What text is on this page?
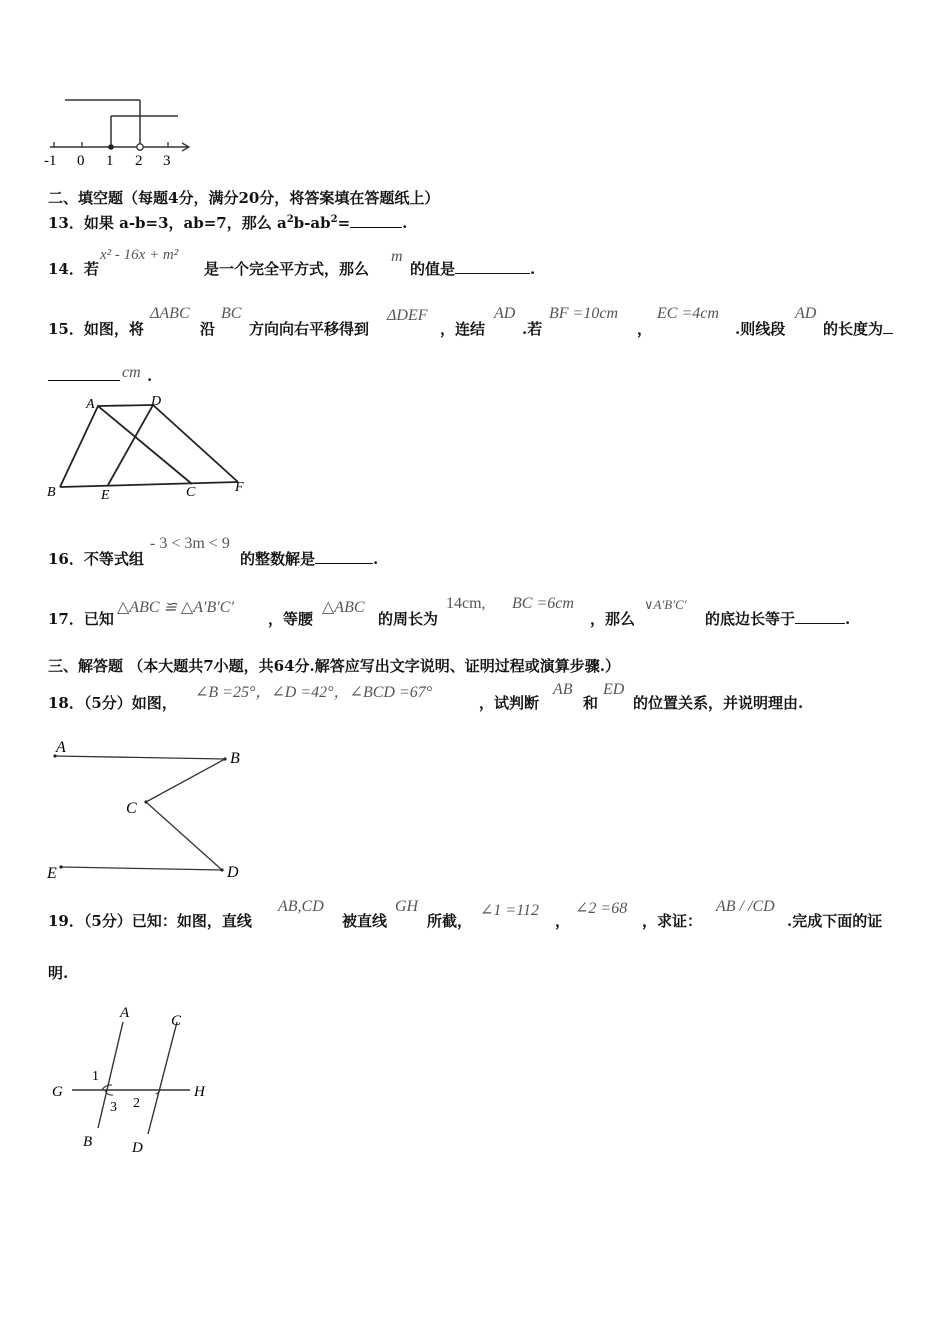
-1 0 1 2 3
二、填空题（每题4分，满分20分，将答案填在答题纸上）
13．如果 a-b=3，ab=7，那么 $a^2b-ab^2=$	.
14．若
x² - 16x + m²
是一个完全平方式，那么
m
的值是	.
15．如图，将
ΔABC
沿
BC
方向向右平移得到
ΔDEF
，连结
AD
.若
BF =10cm
，
EC =4cm
.则线段
AD
的长度为
cm .
A	D
B	E	C	F
16．不等式组
- 3 < 3m < 9
的整数解是	.
17．已知
△ABC ≌ △A′B′C′
，等腰
△ABC
的周长为
14cm, BC =6cm
，那么
∨A′B′C′
的底边长等于	.
三、解答题 （本大题共7小题，共64分.解答应写出文字说明、证明过程或演算步骤.）
18．（5分）如图，
∠B =25°，∠D =42°，∠BCD =67°
，试判断
AB
和
ED
的位置关系，并说明理由.
A
B
C
E	D
19．（5分）已知：如图，直线
AB,CD
被直线
GH
所截，
∠1 =112
，
∠2 =68
，求证：
AB / /CD
.完成下面的证
明.
A	C
G	H
1
2
3
B	D
